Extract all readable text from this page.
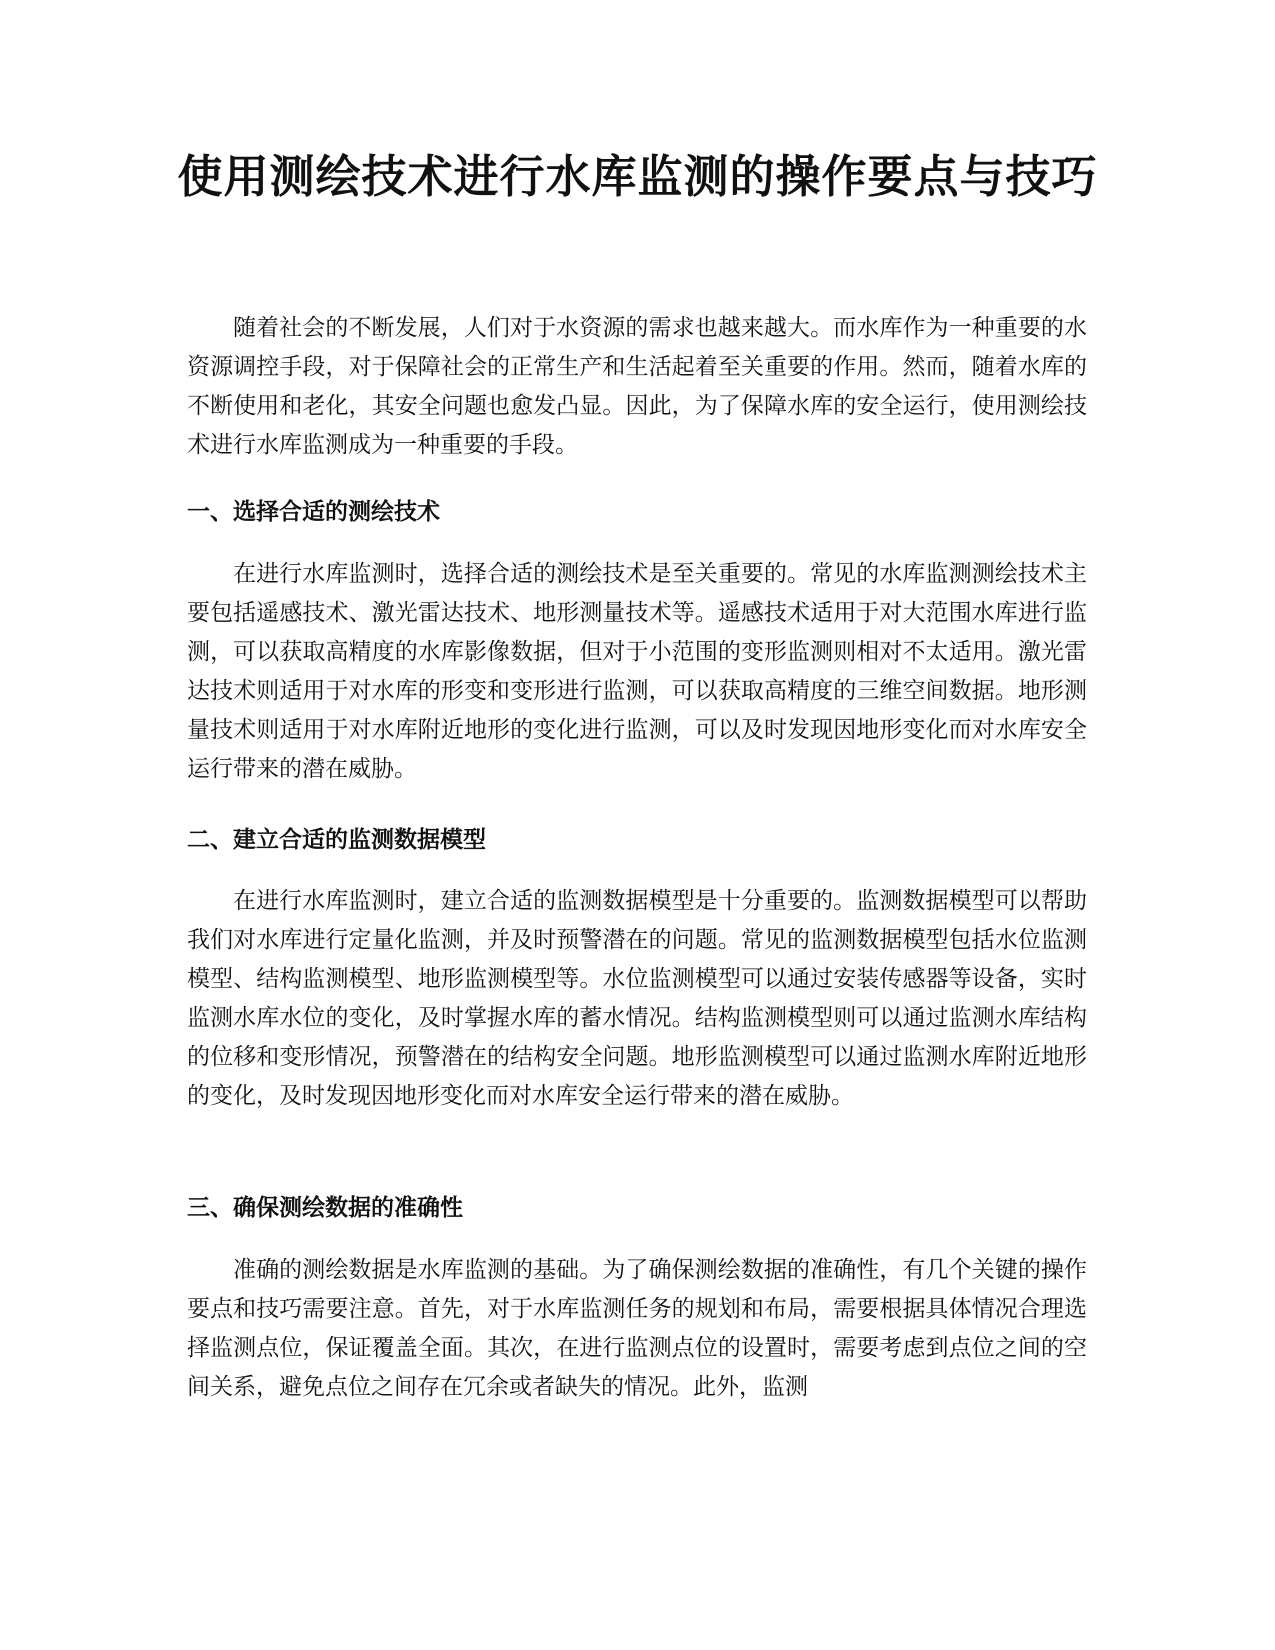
使用测绘技术进行水库监测的操作要点与技巧

随着社会的不断发展，人们对于水资源的需求也越来越大。而水库作为一种重要的水资源调控手段，对于保障社会的正常生产和生活起着至关重要的作用。然而，随着水库的不断使用和老化，其安全问题也愈发凸显。因此，为了保障水库的安全运行，使用测绘技术进行水库监测成为一种重要的手段。

一、选择合适的测绘技术

在进行水库监测时，选择合适的测绘技术是至关重要的。常见的水库监测测绘技术主要包括遥感技术、激光雷达技术、地形测量技术等。遥感技术适用于对大范围水库进行监测，可以获取高精度的水库影像数据，但对于小范围的变形监测则相对不太适用。激光雷达技术则适用于对水库的形变和变形进行监测，可以获取高精度的三维空间数据。地形测量技术则适用于对水库附近地形的变化进行监测，可以及时发现因地形变化而对水库安全运行带来的潜在威胁。

二、建立合适的监测数据模型

在进行水库监测时，建立合适的监测数据模型是十分重要的。监测数据模型可以帮助我们对水库进行定量化监测，并及时预警潜在的问题。常见的监测数据模型包括水位监测模型、结构监测模型、地形监测模型等。水位监测模型可以通过安装传感器等设备，实时监测水库水位的变化，及时掌握水库的蓄水情况。结构监测模型则可以通过监测水库结构的位移和变形情况，预警潜在的结构安全问题。地形监测模型可以通过监测水库附近地形的变化，及时发现因地形变化而对水库安全运行带来的潜在威胁。

三、确保测绘数据的准确性

准确的测绘数据是水库监测的基础。为了确保测绘数据的准确性，有几个关键的操作要点和技巧需要注意。首先，对于水库监测任务的规划和布局，需要根据具体情况合理选择监测点位，保证覆盖全面。其次，在进行监测点位的设置时，需要考虑到点位之间的空间关系，避免点位之间存在冗余或者缺失的情况。此外，监测
